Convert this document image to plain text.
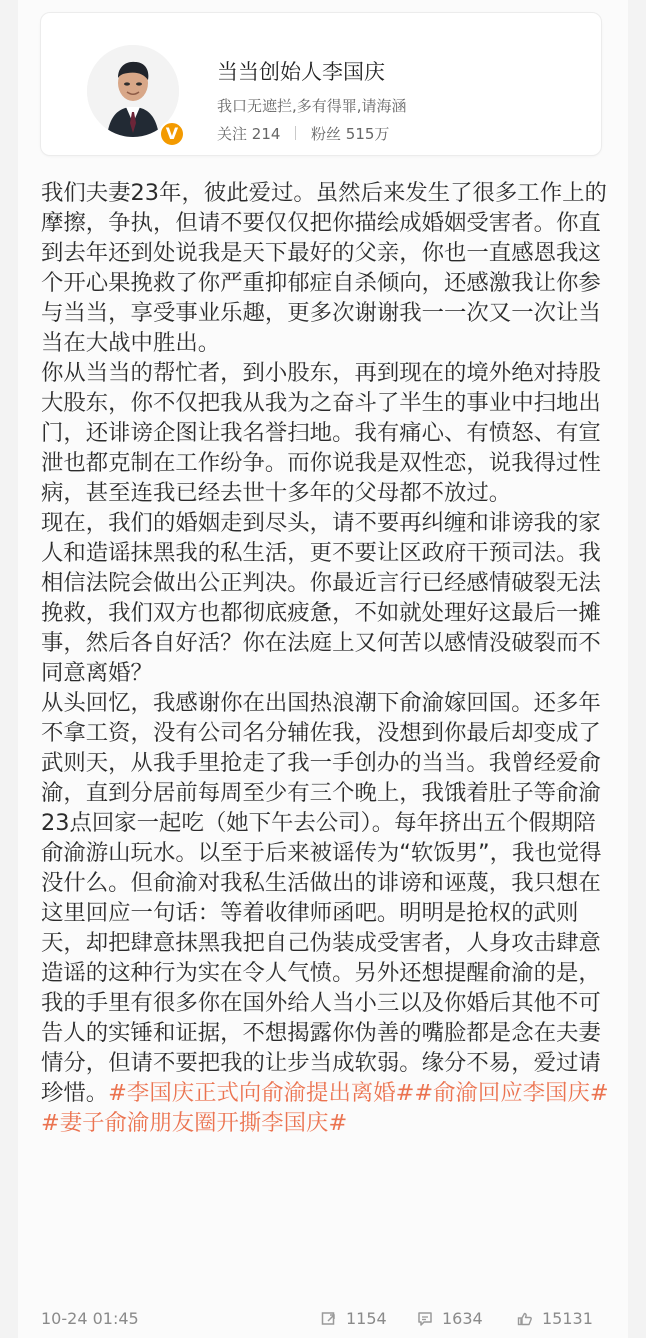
V
当当创始人李国庆
我口无遮拦,多有得罪,请海涵
关注 214 粉丝 515万

我们夫妻23年，彼此爱过。虽然后来发生了很多工作上的摩擦，争执，但请不要仅仅把你描绘成婚姻受害者。你直到去年还到处说我是天下最好的父亲，你也一直感恩我这个开心果挽救了你严重抑郁症自杀倾向，还感激我让你参与当当，享受事业乐趣，更多次谢谢我一一次又一次让当当在大战中胜出。

你从当当的帮忙者，到小股东，再到现在的境外绝对持股大股东，你不仅把我从我为之奋斗了半生的事业中扫地出门，还诽谤企图让我名誉扫地。我有痛心、有愤怒、有宣泄也都克制在工作纷争。而你说我是双性恋，说我得过性病，甚至连我已经去世十多年的父母都不放过。

现在，我们的婚姻走到尽头，请不要再纠缠和诽谤我的家人和造谣抹黑我的私生活，更不要让区政府干预司法。我相信法院会做出公正判决。你最近言行已经感情破裂无法挽救，我们双方也都彻底疲惫，不如就处理好这最后一摊事，然后各自好活？你在法庭上又何苦以感情没破裂而不同意离婚？

从头回忆，我感谢你在出国热浪潮下俞渝嫁回国。还多年不拿工资，没有公司名分辅佐我，没想到你最后却变成了武则天，从我手里抢走了我一手创办的当当。我曾经爱俞渝，直到分居前每周至少有三个晚上，我饿着肚子等俞渝23点回家一起吃（她下午去公司）。每年挤出五个假期陪俞渝游山玩水。以至于后来被谣传为“软饭男”，我也觉得没什么。但俞渝对我私生活做出的诽谤和诬蔑，我只想在这里回应一句话：等着收律师函吧。明明是抢权的武则天，却把肆意抹黑我把自己伪装成受害者，人身攻击肆意造谣的这种行为实在令人气愤。另外还想提醒俞渝的是，我的手里有很多你在国外给人当小三以及你婚后其他不可告人的实锤和证据，不想揭露你伪善的嘴脸都是念在夫妻情分，但请不要把我的让步当成软弱。缘分不易，爱过请珍惜。#李国庆正式向俞渝提出离婚##俞渝回应李国庆##妻子俞渝朋友圈开撕李国庆#

10-24 01:45	1154	1634	15131
